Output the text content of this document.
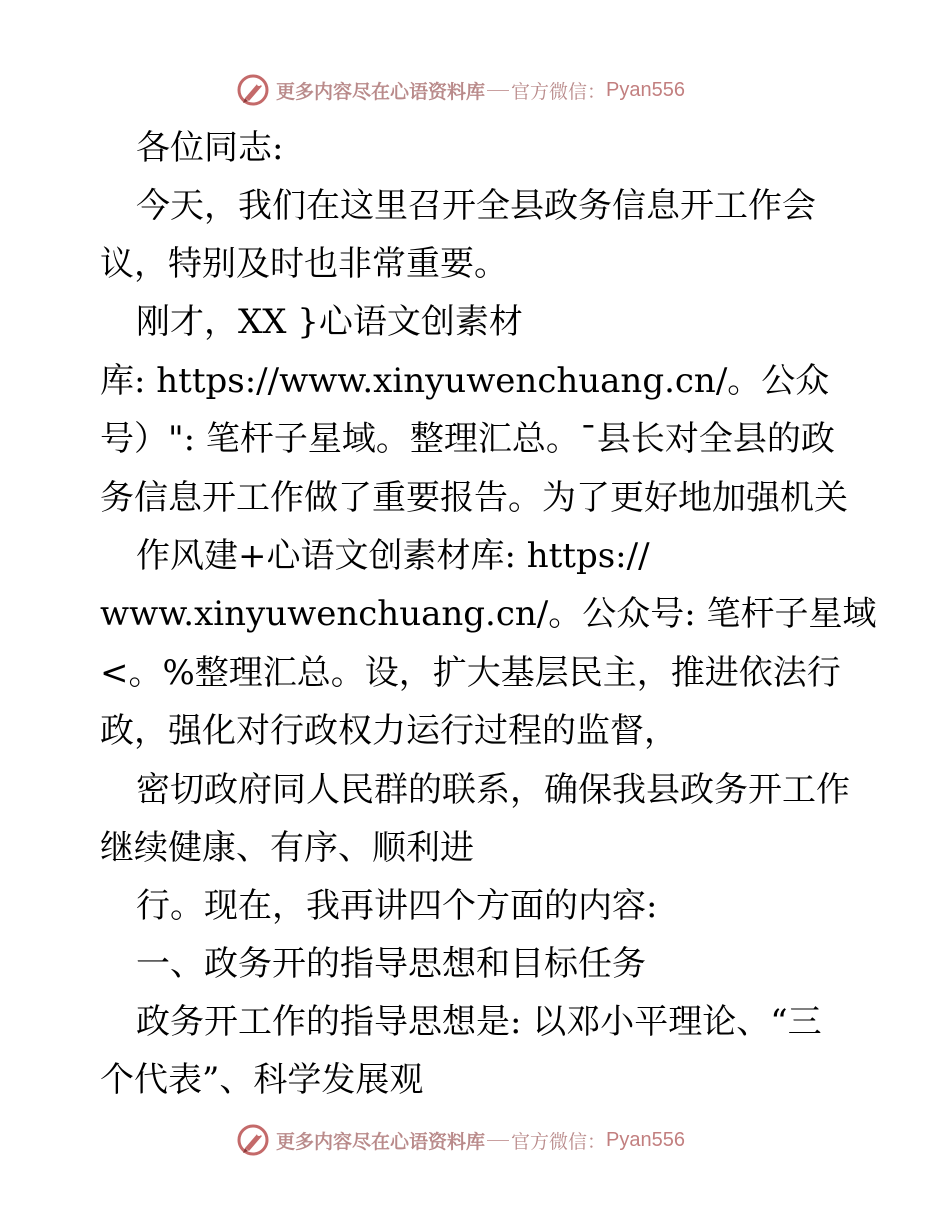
更多内容尽在心语资料库 官方微信： Pyan556
各位同志:
今天，我们在这里召开全县政务信息开工作会
议，特别及时也非常重要。
刚才，XX }心语文创素材
库: https://www.xinyuwenchuang.cn/。公众
号）": 笔杆子星域。整理汇总。¯县长对全县的政
务信息开工作做了重要报告。为了更好地加强机关
作风建+心语文创素材库: https://
www.xinyuwenchuang.cn/。公众号: 笔杆子星域
<。%整理汇总。设，扩大基层民主，推进依法行
政，强化对行政权力运行过程的监督，
密切政府同人民群的联系，确保我县政务开工作
继续健康、有序、顺利进
行。现在，我再讲四个方面的内容:
一、政务开的指导思想和目标任务
政务开工作的指导思想是: 以邓小平理论、“三
个代表”、科学发展观
更多内容尽在心语资料库 官方微信： Pyan556
